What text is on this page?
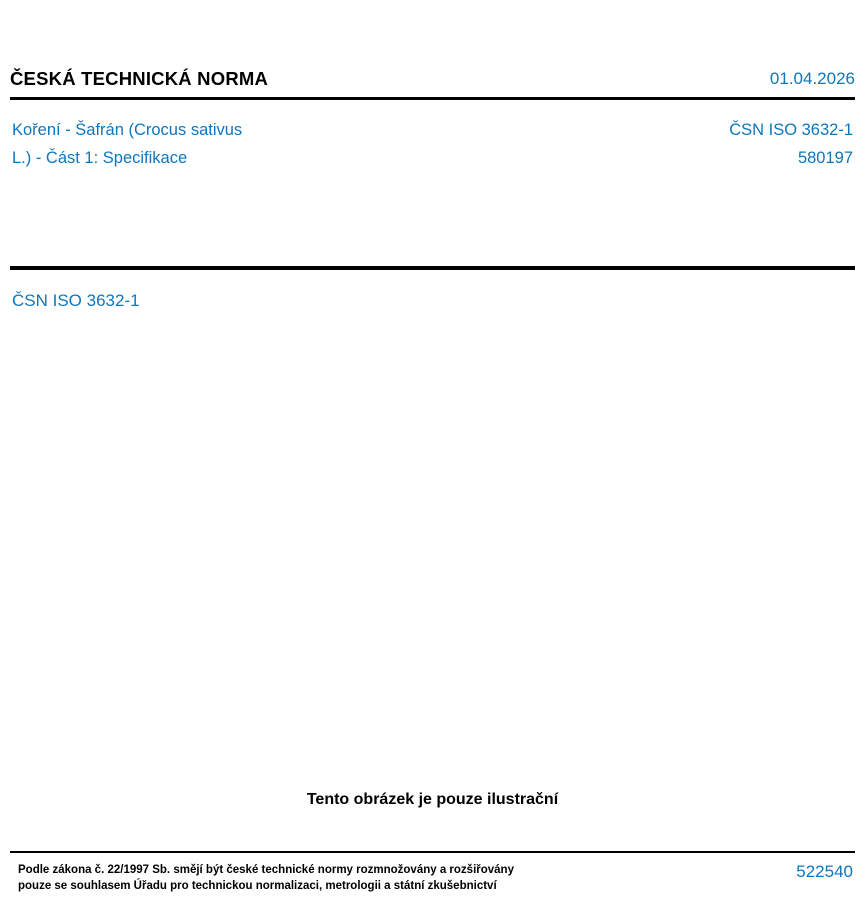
ČESKÁ TECHNICKÁ NORMA	01.04.2026
Koření - Šafrán (Crocus sativus
L.) - Část 1: Specifikace
ČSN ISO 3632-1
580197
ČSN ISO 3632-1
Tento obrázek je pouze ilustrační
Podle zákona č. 22/1997 Sb. smějí být české technické normy rozmnožovány a rozšiřovány
pouze se souhlasem Úřadu pro technickou normalizaci, metrologii a státní zkušebnictví
522540
